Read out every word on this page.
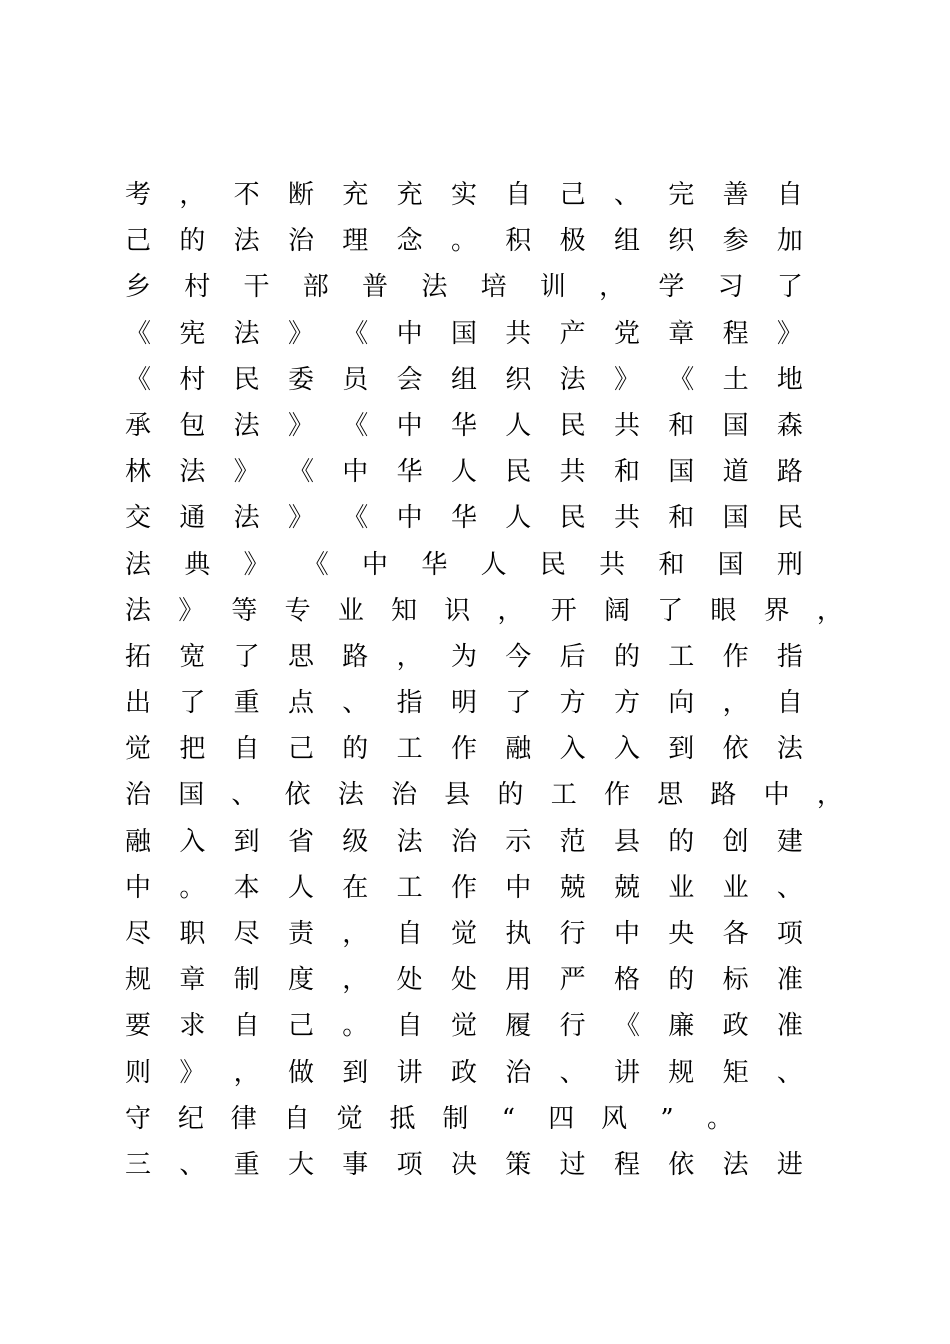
考 ， 不 断 充 充 实 自 己 、 完 善 自
己 的 法 治 理 念 。 积 极 组 织 参 加
乡 村 干 部 普 法 培 训 ， 学 习 了
《 宪 法 》 《 中 国 共 产 党 章 程 》
《 村 民 委 员 会 组 织 法 》 《 土 地
承 包 法 》 《 中 华 人 民 共 和 国 森
林 法 》 《 中 华 人 民 共 和 国 道 路
交 通 法 》 《 中 华 人 民 共 和 国 民
法 典 》 《 中 华 人 民 共 和 国 刑
法 》 等 专 业 知 识 ， 开 阔 了 眼 界 ，
拓 宽 了 思 路 ， 为 今 后 的 工 作 指
出 了 重 点 、 指 明 了 方 方 向 ， 自
觉 把 自 己 的 工 作 融 入 入 到 依 法
治 国 、 依 法 治 县 的 工 作 思 路 中 ，
融 入 到 省 级 法 治 示 范 县 的 创 建
中 。 本 人 在 工 作 中 兢 兢 业 业 、
尽 职 尽 责 ， 自 觉 执 行 中 央 各 项
规 章 制 度 ， 处 处 用 严 格 的 标 准
要 求 自 己 。 自 觉 履 行 《 廉 政 准
则 》 ， 做 到 讲 政 治 、 讲 规 矩 、
守 纪 律 自 觉 抵 制 “ 四 风 ” 。
三 、 重 大 事 项 决 策 过 程 依 法 进
